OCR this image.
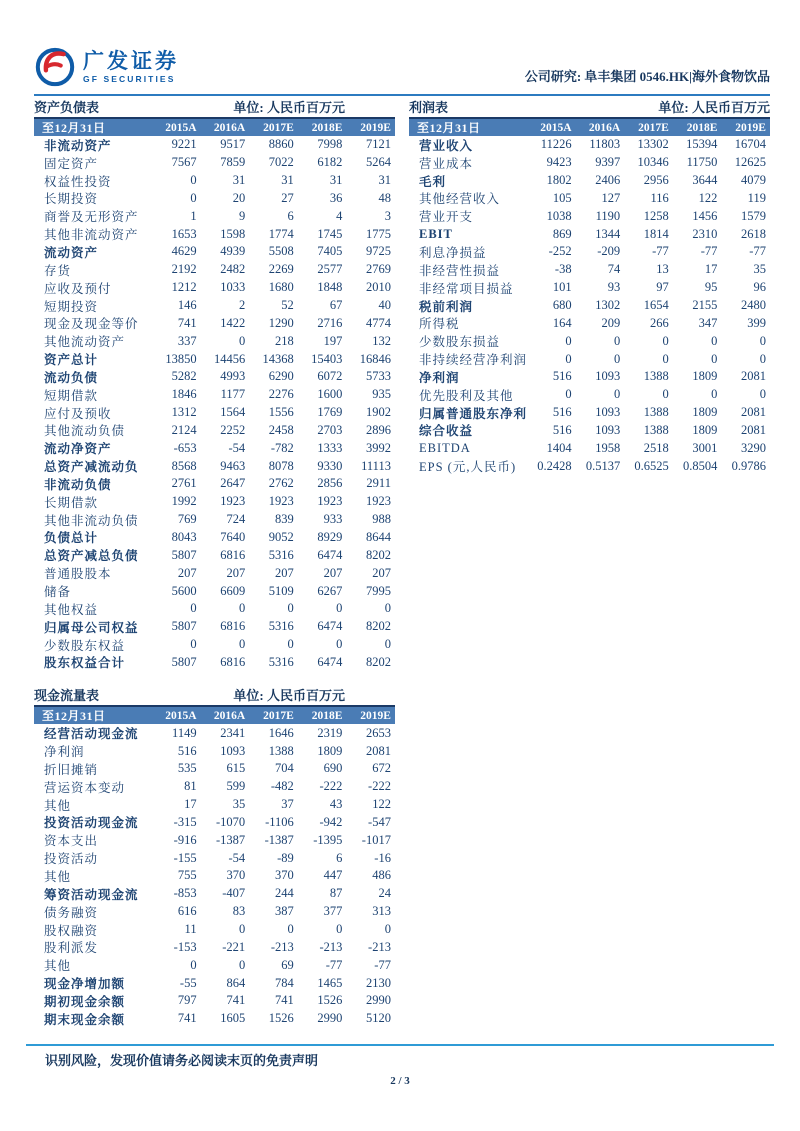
广发证券
GF SECURITIES	公司研究: 阜丰集团 0546.HK|海外食物饮品
资产负债表	单位: 人民币百万元
至12月31日	2015A	2016A	2017E	2018E	2019E
非流动资产	9221	9517	8860	7998	7121
固定资产	7567	7859	7022	6182	5264
权益性投资	0	31	31	31	31
长期投资	0	20	27	36	48
商誉及无形资产	1	9	6	4	3
其他非流动资产	1653	1598	1774	1745	1775
流动资产	4629	4939	5508	7405	9725
存货	2192	2482	2269	2577	2769
应收及预付	1212	1033	1680	1848	2010
短期投资	146	2	52	67	40
现金及现金等价	741	1422	1290	2716	4774
其他流动资产	337	0	218	197	132
资产总计	13850	14456	14368	15403	16846
流动负债	5282	4993	6290	6072	5733
短期借款	1846	1177	2276	1600	935
应付及预收	1312	1564	1556	1769	1902
其他流动负债	2124	2252	2458	2703	2896
流动净资产	-653	-54	-782	1333	3992
总资产减流动负	8568	9463	8078	9330	11113
非流动负债	2761	2647	2762	2856	2911
长期借款	1992	1923	1923	1923	1923
其他非流动负债	769	724	839	933	988
负债总计	8043	7640	9052	8929	8644
总资产减总负债	5807	6816	5316	6474	8202
普通股股本	207	207	207	207	207
储备	5600	6609	5109	6267	7995
其他权益	0	0	0	0	0
归属母公司权益	5807	6816	5316	6474	8202
少数股东权益	0	0	0	0	0
股东权益合计	5807	6816	5316	6474	8202
利润表	单位: 人民币百万元
至12月31日	2015A	2016A	2017E	2018E	2019E
营业收入	11226	11803	13302	15394	16704
营业成本	9423	9397	10346	11750	12625
毛利	1802	2406	2956	3644	4079
其他经营收入	105	127	116	122	119
营业开支	1038	1190	1258	1456	1579
EBIT	869	1344	1814	2310	2618
利息净损益	-252	-209	-77	-77	-77
非经营性损益	-38	74	13	17	35
非经常项目损益	101	93	97	95	96
税前利润	680	1302	1654	2155	2480
所得税	164	209	266	347	399
少数股东损益	0	0	0	0	0
非持续经营净利润	0	0	0	0	0
净利润	516	1093	1388	1809	2081
优先股利及其他	0	0	0	0	0
归属普通股东净利	516	1093	1388	1809	2081
综合收益	516	1093	1388	1809	2081
EBITDA	1404	1958	2518	3001	3290
EPS (元,人民币)	0.2428	0.5137	0.6525	0.8504	0.9786
现金流量表	单位: 人民币百万元
至12月31日	2015A	2016A	2017E	2018E	2019E
经营活动现金流	1149	2341	1646	2319	2653
净利润	516	1093	1388	1809	2081
折旧摊销	535	615	704	690	672
营运资本变动	81	599	-482	-222	-222
其他	17	35	37	43	122
投资活动现金流	-315	-1070	-1106	-942	-547
资本支出	-916	-1387	-1387	-1395	-1017
投资活动	-155	-54	-89	6	-16
其他	755	370	370	447	486
筹资活动现金流	-853	-407	244	87	24
债务融资	616	83	387	377	313
股权融资	11	0	0	0	0
股利派发	-153	-221	-213	-213	-213
其他	0	0	69	-77	-77
现金净增加额	-55	864	784	1465	2130
期初现金余额	797	741	741	1526	2990
期末现金余额	741	1605	1526	2990	5120
识别风险，发现价值请务必阅读末页的免责声明
2 / 3
